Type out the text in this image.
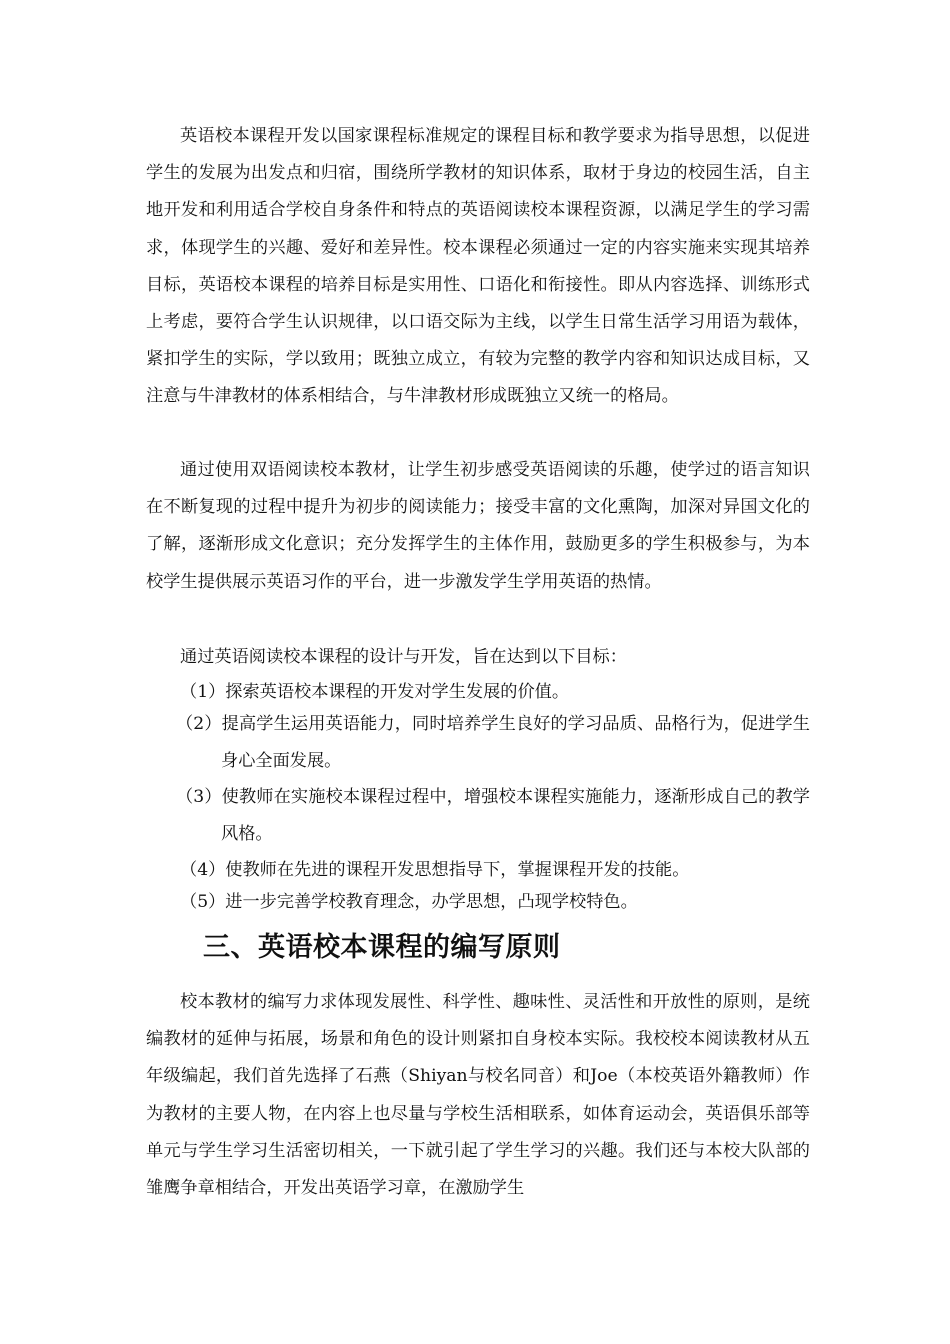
英语校本课程开发以国家课程标准规定的课程目标和教学要求为指导思想，以促进学生的发展为出发点和归宿，围绕所学教材的知识体系，取材于身边的校园生活，自主地开发和利用适合学校自身条件和特点的英语阅读校本课程资源，以满足学生的学习需求，体现学生的兴趣、爱好和差异性。校本课程必须通过一定的内容实施来实现其培养目标，英语校本课程的培养目标是实用性、口语化和衔接性。即从内容选择、训练形式上考虑，要符合学生认识规律，以口语交际为主线，以学生日常生活学习用语为载体，紧扣学生的实际，学以致用；既独立成立，有较为完整的教学内容和知识达成目标，又注意与牛津教材的体系相结合，与牛津教材形成既独立又统一的格局。

通过使用双语阅读校本教材，让学生初步感受英语阅读的乐趣，使学过的语言知识在不断复现的过程中提升为初步的阅读能力；接受丰富的文化熏陶，加深对异国文化的了解，逐渐形成文化意识；充分发挥学生的主体作用，鼓励更多的学生积极参与，为本校学生提供展示英语习作的平台，进一步激发学生学用英语的热情。

通过英语阅读校本课程的设计与开发，旨在达到以下目标：

（1）探索英语校本课程的开发对学生发展的价值。

（2）提高学生运用英语能力，同时培养学生良好的学习品质、品格行为，促进学生身心全面发展。

（3）使教师在实施校本课程过程中，增强校本课程实施能力，逐渐形成自己的教学风格。

（4）使教师在先进的课程开发思想指导下，掌握课程开发的技能。

（5）进一步完善学校教育理念，办学思想，凸现学校特色。

三、英语校本课程的编写原则

校本教材的编写力求体现发展性、科学性、趣味性、灵活性和开放性的原则，是统编教材的延伸与拓展，场景和角色的设计则紧扣自身校本实际。我校校本阅读教材从五年级编起，我们首先选择了石燕（Shiyan与校名同音）和Joe（本校英语外籍教师）作为教材的主要人物，在内容上也尽量与学校生活相联系，如体育运动会，英语俱乐部等单元与学生学习生活密切相关，一下就引起了学生学习的兴趣。我们还与本校大队部的雏鹰争章相结合，开发出英语学习章，在激励学生
